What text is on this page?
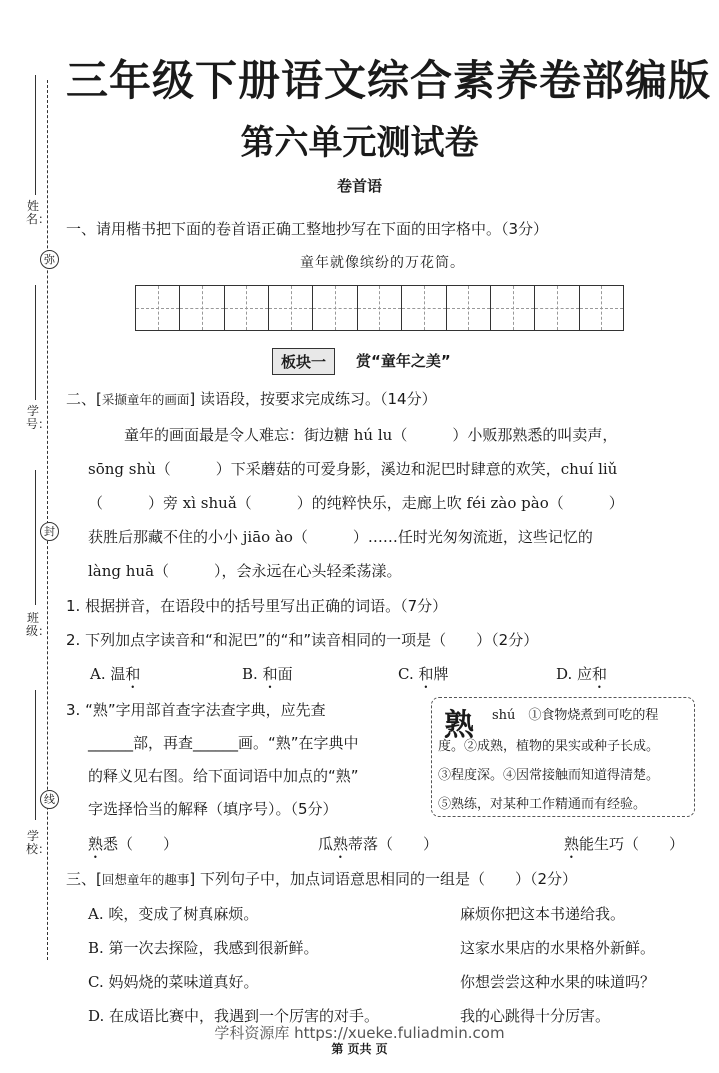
姓名：
学号：
班级：
学校：
弥
封
线
三年级下册语文综合素养卷部编版
第六单元测试卷
卷首语
一、请用楷书把下面的卷首语正确工整地抄写在下面的田字格中。（3分）
童年就像缤纷的万花筒。
板块一	赏“童年之美”
二、[采撷童年的画面] 读语段，按要求完成练习。（14分）
童年的画面最是令人难忘：街边糖 hú lu（　　　）小贩那熟悉的叫卖声，
sōng shù（　　　）下采蘑菇的可爱身影，溪边和泥巴时肆意的欢笑，chuí liǔ
（　　　）旁 xì shuǎ（　　　）的纯粹快乐，走廊上吹 féi zào pào（　　　）
获胜后那藏不住的小小 jiāo ào（　　　）……任时光匆匆流逝，这些记忆的
làng huā（　　　），会永远在心头轻柔荡漾。
1. 根据拼音，在语段中的括号里写出正确的词语。（7分）
2. 下列加点字读音和“和泥巴”的“和”读音相同的一项是（　　）（2分）
A. 温和	B. 和面	C. 和牌	D. 应和
3. “熟”字用部首查字法查字典，应先查
______部，再查______画。“熟”在字典中
的释义见右图。给下面词语中加点的“熟”
字选择恰当的解释（填序号）。（5分）
熟 shú　①食物烧煮到可吃的程
度。②成熟，植物的果实或种子长成。
③程度深。④因常接触而知道得清楚。
⑤熟练，对某种工作精通而有经验。
熟悉（　　）	瓜熟蒂落（　　）	熟能生巧（　　）
三、[回想童年的趣事] 下列句子中，加点词语意思相同的一组是（　　）（2分）
A. 唉，变成了树真麻烦。	麻烦你把这本书递给我。
B. 第一次去探险，我感到很新鲜。	这家水果店的水果格外新鲜。
C. 妈妈烧的菜味道真好。	你想尝尝这种水果的味道吗？
D. 在成语比赛中，我遇到一个厉害的对手。	我的心跳得十分厉害。
学科资源库 https://xueke.fuliadmin.com
第 页共 页
